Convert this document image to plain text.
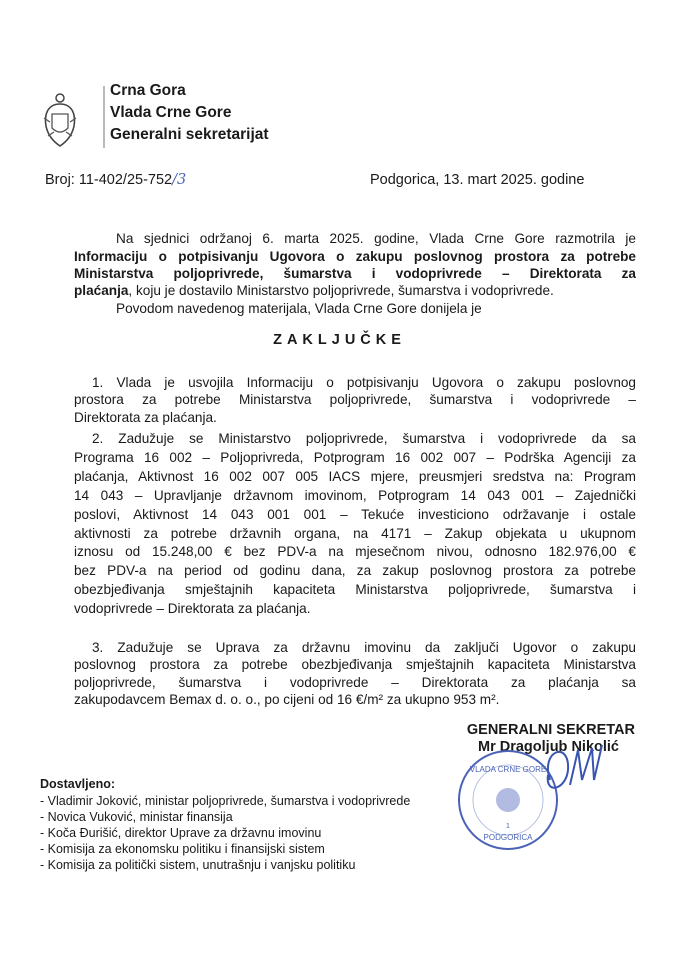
Crna Gora
Vlada Crne Gore
Generalni sekretarijat
Broj: 11-402/25-752/3	Podgorica, 13. mart 2025. godine
Na sjednici održanoj 6. marta 2025. godine, Vlada Crne Gore razmotrila je
Informaciju o potpisivanju Ugovora o zakupu poslovnog prostora za potrebe
Ministarstva poljoprivrede, šumarstva i vodoprivrede – Direktorata za
plaćanja, koju je dostavilo Ministarstvo poljoprivrede, šumarstva i vodoprivrede.
Povodom navedenog materijala, Vlada Crne Gore donijela je
ZAKLJUČKE
1. Vlada je usvojila Informaciju o potpisivanju Ugovora o zakupu poslovnog
prostora za potrebe Ministarstva poljoprivrede, šumarstva i vodoprivrede –
Direktorata za plaćanja.
2. Zadužuje se Ministarstvo poljoprivrede, šumarstva i vodoprivrede da sa
Programa 16 002 – Poljoprivreda, Potprogram 16 002 007 – Podrška Agenciji za
plaćanja, Aktivnost 16 002 007 005 IACS mjere, preusmjeri sredstva na: Program
14 043 – Upravljanje državnom imovinom, Potprogram 14 043 001 – Zajednički
poslovi, Aktivnost 14 043 001 001 – Tekuće investiciono održavanje i ostale
aktivnosti za potrebe državnih organa, na 4171 – Zakup objekata u ukupnom
iznosu od 15.248,00 € bez PDV-a na mjesečnom nivou, odnosno 182.976,00 €
bez PDV-a na period od godinu dana, za zakup poslovnog prostora za potrebe
obezbjeđivanja smještajnih kapaciteta Ministarstva poljoprivrede, šumarstva i
vodoprivrede – Direktorata za plaćanja.
3. Zadužuje se Uprava za državnu imovinu da zaključi Ugovor o zakupu
poslovnog prostora za potrebe obezbjeđivanja smještajnih kapaciteta Ministarstva
poljoprivrede, šumarstva i vodoprivrede – Direktorata za plaćanja sa
zakupodavcem Bemax d. o. o., po cijeni od 16 €/m² za ukupno 953 m².
GENERALNI SEKRETAR
Mr Dragoljub Nikolić
VLADA CRNE GORE
1
PODGORICA
Dostavljeno:
- Vladimir Joković, ministar poljoprivrede, šumarstva i vodoprivrede
- Novica Vuković, ministar finansija
- Koča Đurišić, direktor Uprave za državnu imovinu
- Komisija za ekonomsku politiku i finansijski sistem
- Komisija za politički sistem, unutrašnju i vanjsku politiku
